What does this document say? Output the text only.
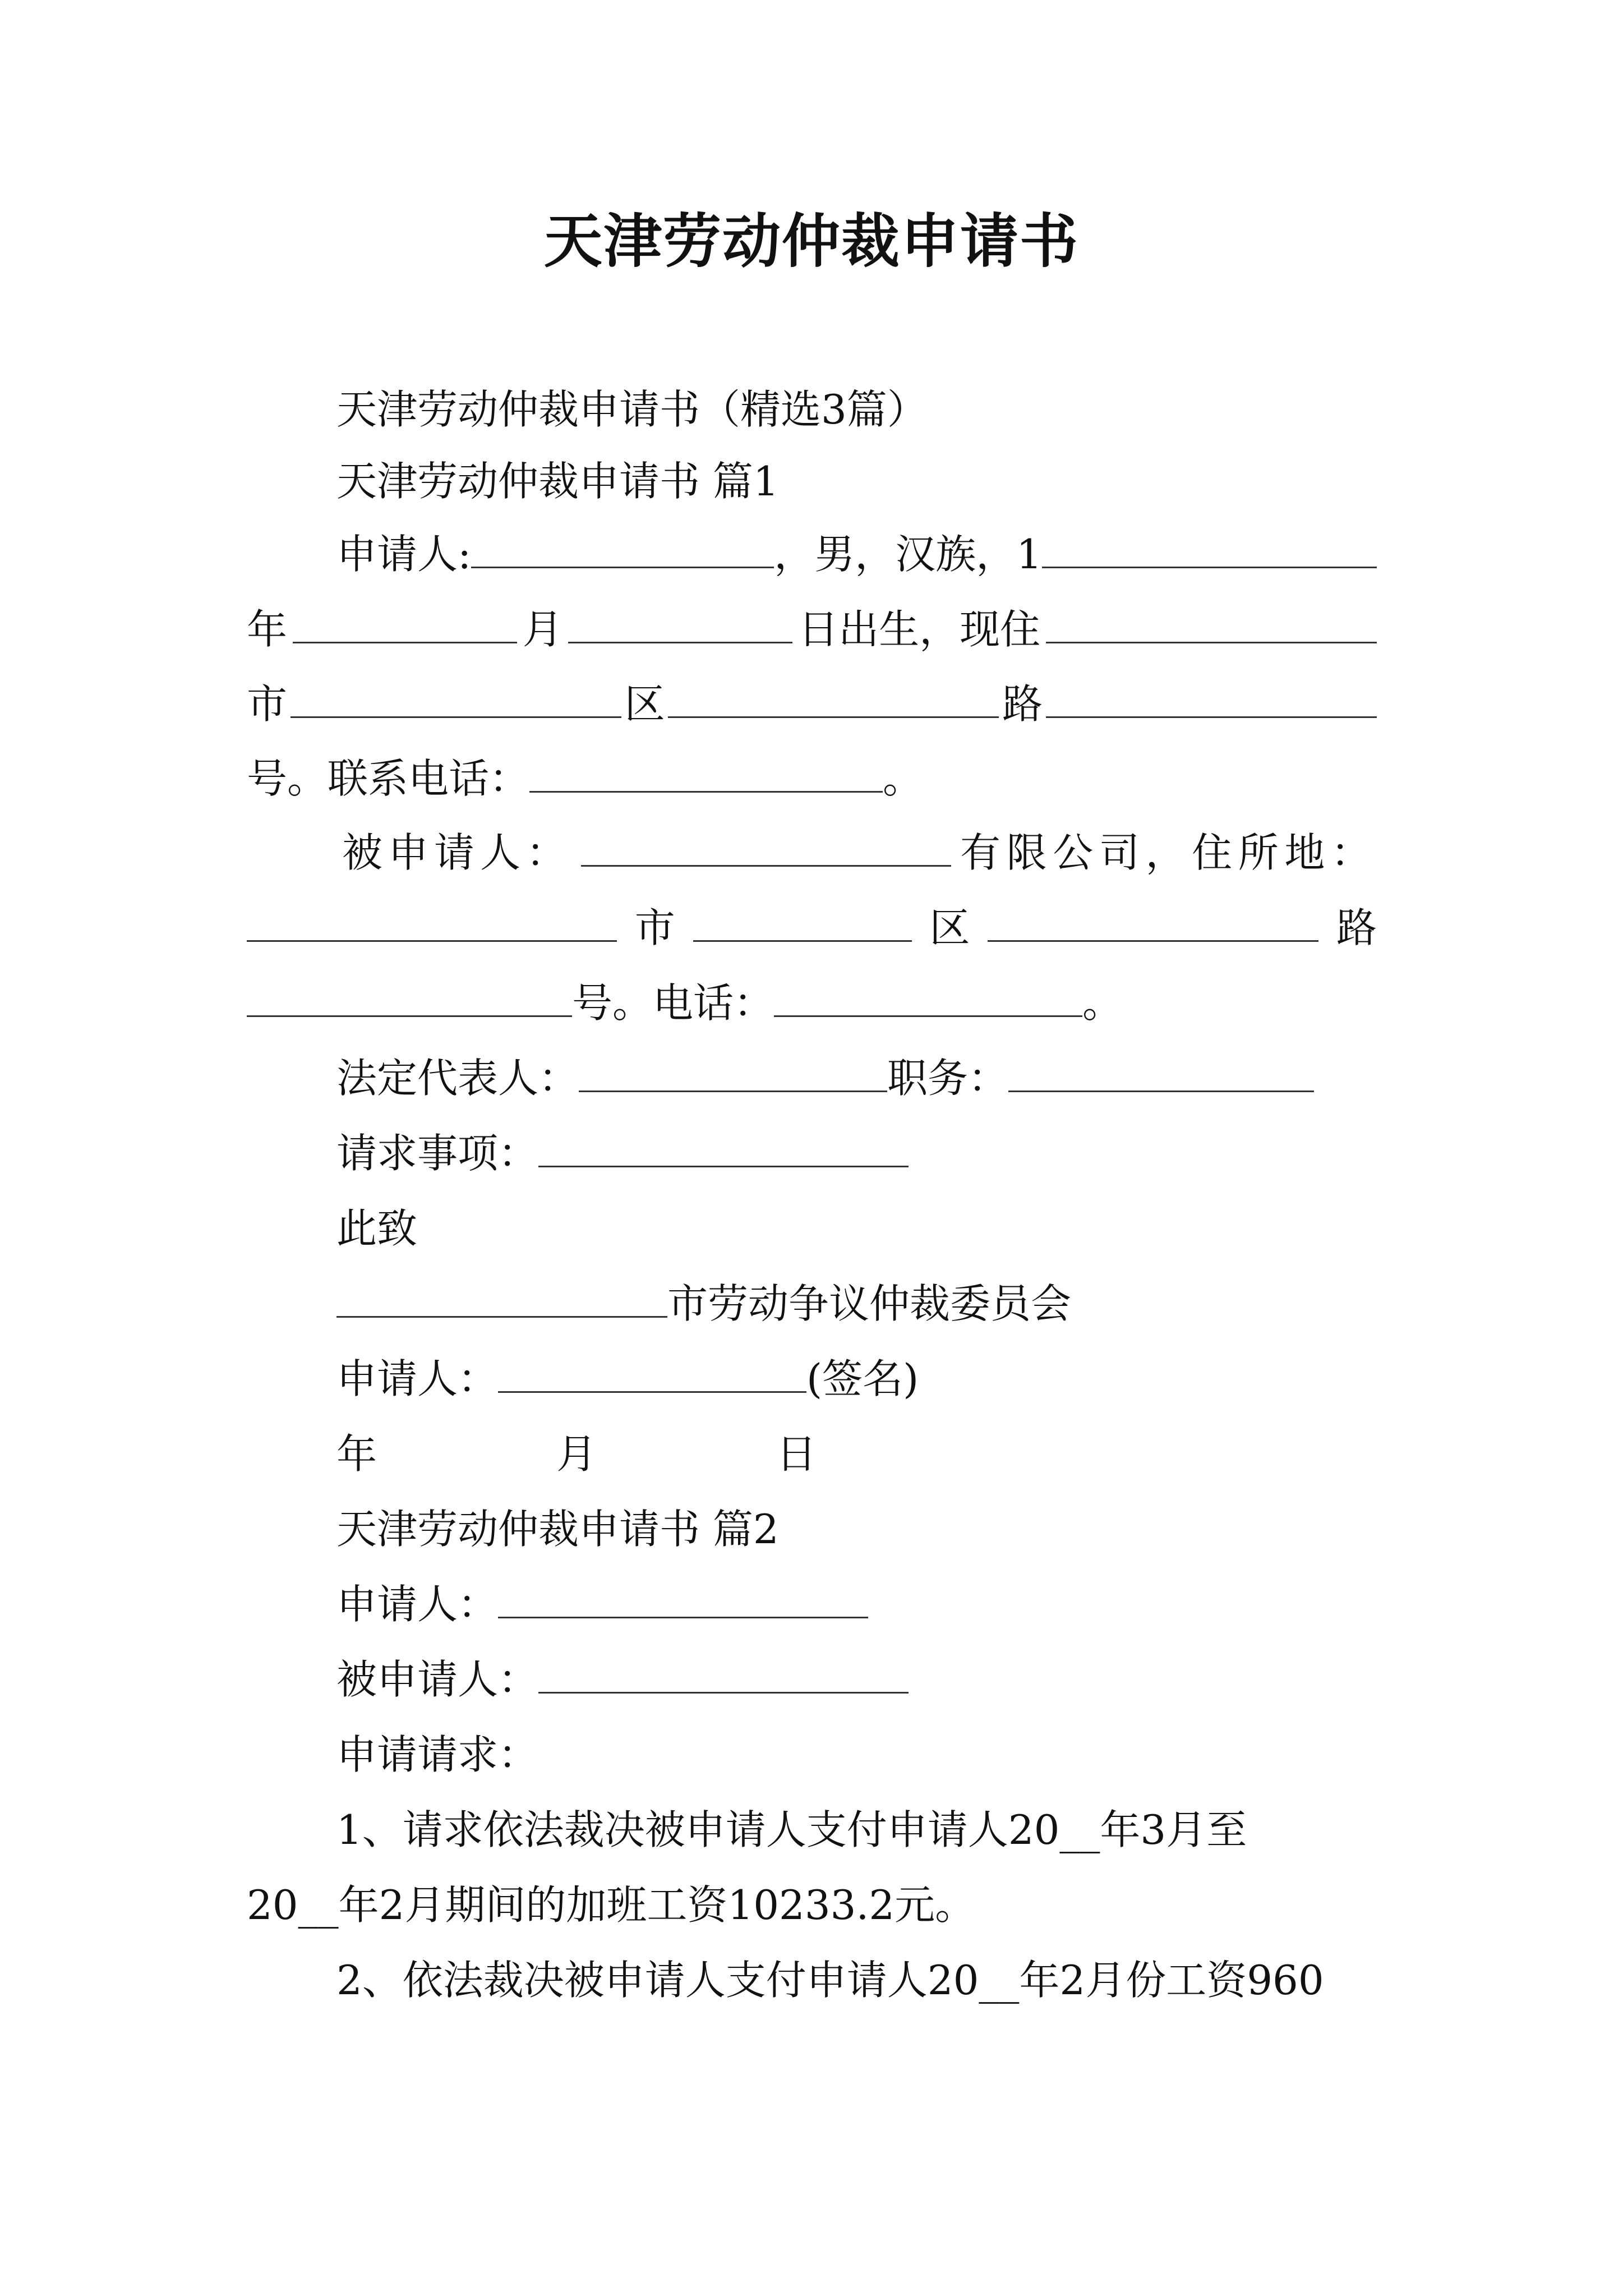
天津劳动仲裁申请书
天津劳动仲裁申请书（精选3篇）
天津劳动仲裁申请书 篇1
申请人:	，男，汉族，1
年	月	日出生，现住
市	区	路
号。联系电话：	。
被申请人：	有限公司，住所地：
市	区	路
号。电话：	。
法定代表人：	职务：
请求事项：
此致
市劳动争议仲裁委员会
申请人：	(签名)
年	月	日
天津劳动仲裁申请书 篇2
申请人：
被申请人：
申请请求：
1、请求依法裁决被申请人支付申请人20__年3月至
20__年2月期间的加班工资10233.2元。
2、依法裁决被申请人支付申请人20__年2月份工资960
